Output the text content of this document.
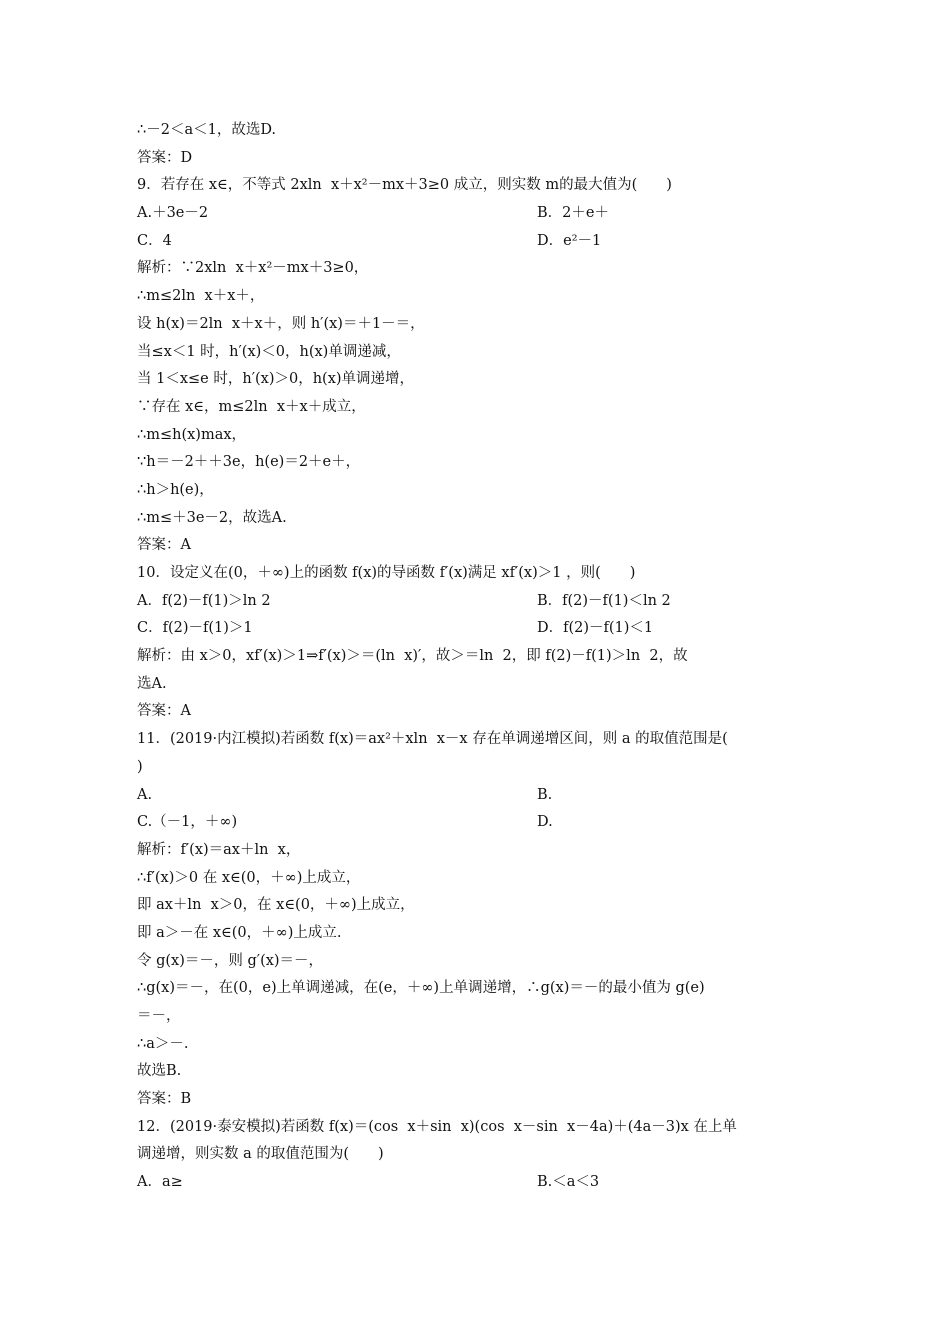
∴－2＜a＜1，故选D.
答案：D
9．若存在 x∈，不等式 2xln  x＋x²－mx＋3≥0 成立，则实数 m的最大值为(　　)
A.＋3e－2	B．2＋e＋
C．4	D．e²－1
解析：∵2xln  x＋x²－mx＋3≥0，
∴m≤2ln  x＋x＋，
设 h(x)＝2ln  x＋x＋，则 h′(x)＝＋1－＝，
当≤x＜1 时，h′(x)＜0，h(x)单调递减，
当 1＜x≤e 时，h′(x)＞0，h(x)单调递增，
∵存在 x∈，m≤2ln  x＋x＋成立，
∴m≤h(x)max，
∵h＝－2＋＋3e，h(e)＝2＋e＋，
∴h＞h(e)，
∴m≤＋3e－2，故选A.
答案：A
10．设定义在(0，＋∞)上的函数 f(x)的导函数 f′(x)满足 xf′(x)＞1 ，则(　　)
A．f(2)－f(1)＞ln 2	B．f(2)－f(1)＜ln 2
C．f(2)－f(1)＞1	D．f(2)－f(1)＜1
解析：由 x＞0，xf′(x)＞1⇒f′(x)＞＝(ln  x)′，故＞＝ln  2，即 f(2)－f(1)＞ln  2，故
选A.
答案：A
11．(2019·内江模拟)若函数 f(x)＝ax²＋xln  x－x 存在单调递增区间，则 a 的取值范围是(
)
A.	B.
C.（－1，＋∞)	D.
解析：f′(x)＝ax＋ln  x，
∴f′(x)＞0 在 x∈(0，＋∞)上成立，
即 ax＋ln  x＞0，在 x∈(0，＋∞)上成立，
即 a＞－在 x∈(0，＋∞)上成立.
令 g(x)＝－，则 g′(x)＝－，
∴g(x)＝－，在(0，e)上单调递减，在(e，＋∞)上单调递增，∴g(x)＝－的最小值为 g(e)
＝－，
∴a＞－.
故选B.
答案：B
12．(2019·泰安模拟)若函数 f(x)＝(cos  x＋sin  x)(cos  x－sin  x－4a)＋(4a－3)x 在上单
调递增，则实数 a 的取值范围为(　　)
A．a≥	B.＜a＜3
